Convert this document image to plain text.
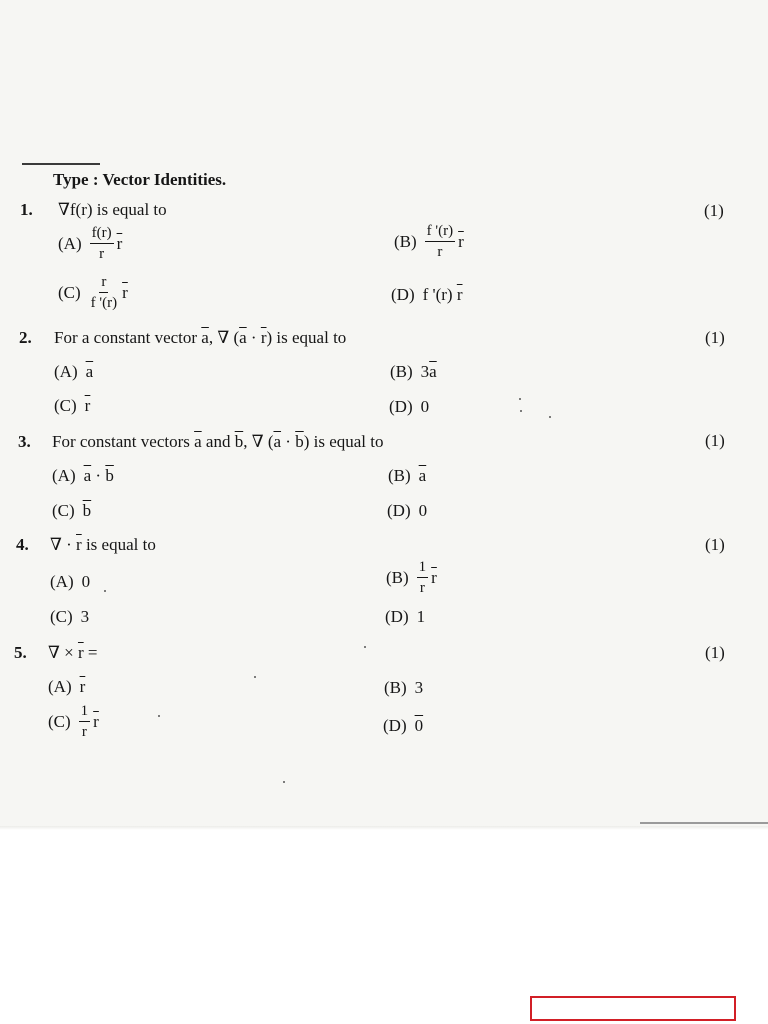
Type : Vector Identities.
1. ∇f(r) is equal to	(1)
$(A) \frac{f(r)}{r} \overline{r}$	$(B) \frac{f '(r)}{r} \overline{r}$
$(C) \frac{r}{f '(r)} \overline{r}$	(D) f '(r) $\overline{r}$
2. For a constant vector $\overline{a}$, ∇ $(\overline{a} \cdot \overline{r})$ is equal to	(1)
(A) $\overline{a}$	(B) 3 $\overline{a}$
(C) $\overline{r}$	(D) 0
3. For constant vectors $\overline{a}$ and $\overline{b}$, ∇ $(\overline{a} \cdot \overline{b})$ is equal to	(1)
(A) $\overline{a} \cdot \overline{b}$	(B) $\overline{a}$
(C) $\overline{b}$	(D) 0
4. ∇ · $\overline{r}$ is equal to	(1)
(A) 0	$(B) \frac{1}{r} \overline{r}$
(C) 3	(D) 1
5. ∇ × $\overline{r}$ =	(1)
(A) $\overline{r}$	(B) 3
$(C) \frac{1}{r} \overline{r}$	(D) 0
